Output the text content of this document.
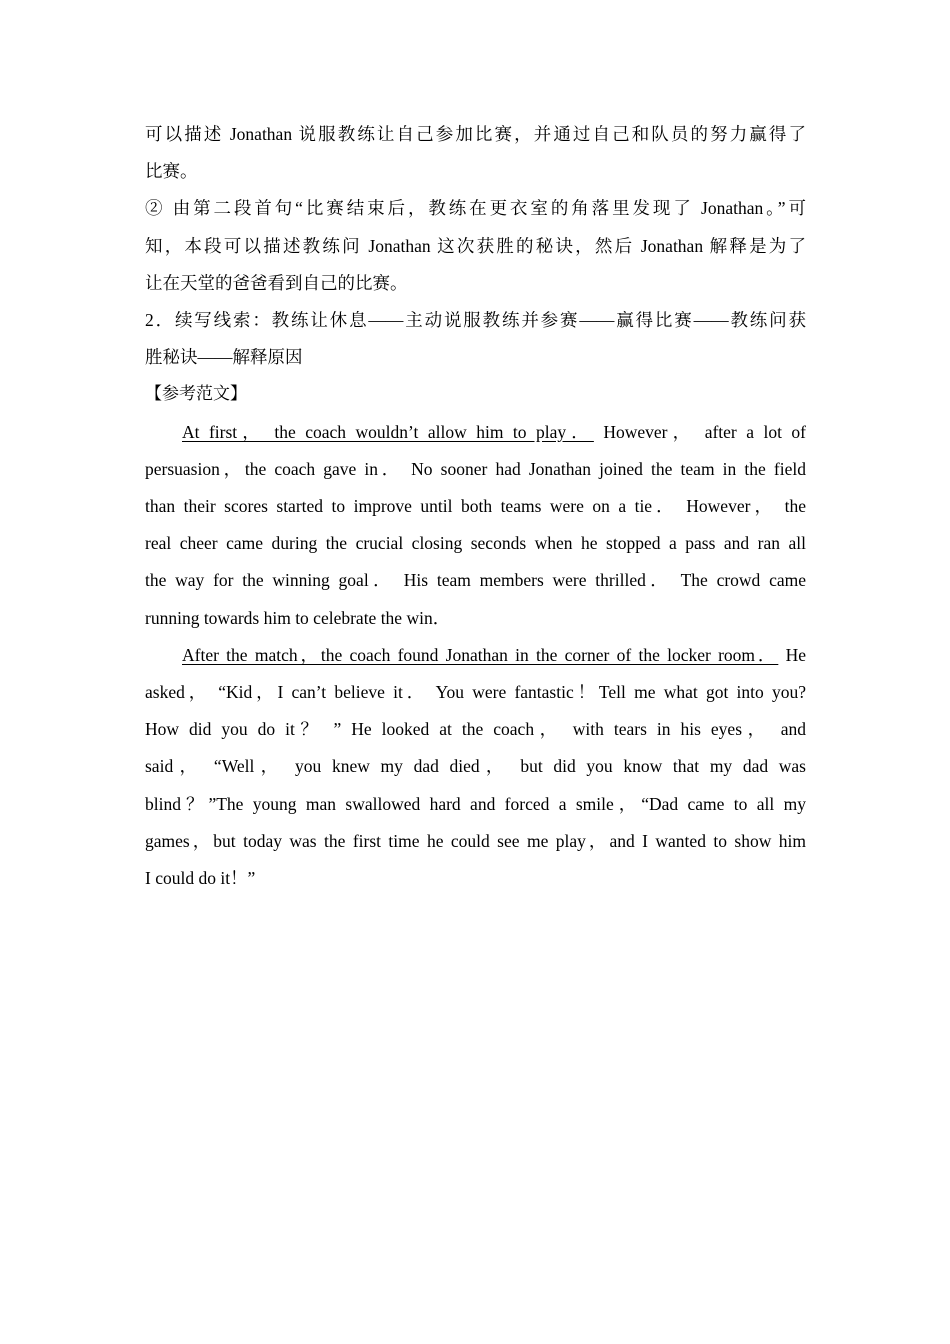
可以描述 Jonathan 说服教练让自己参加比赛，并通过自己和队员的努力赢得了
比赛。
② 由第二段首句“比赛结束后，教练在更衣室的角落里发现了 Jonathan。”可
知，本段可以描述教练问 Jonathan 这次获胜的秘诀，然后 Jonathan 解释是为了
让在天堂的爸爸看到自己的比赛。
2．续写线索：教练让休息——主动说服教练并参赛——赢得比赛——教练问获
胜秘诀——解释原因
【参考范文】
At first， the coach wouldn’t allow him to play． However， after a lot of
persuasion，the coach gave in． No sooner had Jonathan joined the team in the field
than their scores started to improve until both teams were on a tie． However， the
real cheer came during the crucial closing seconds when he stopped a pass and ran all
the way for the winning goal． His team members were thrilled． The crowd came
running towards him to celebrate the win．
After the match，the coach found Jonathan in the corner of the locker room． He
asked， “Kid，I can’t believe it． You were fantastic！Tell me what got into you?
How did you do it？ ” He looked at the coach， with tears in his eyes， and
said， “Well， you knew my dad died， but did you know that my dad was
blind？”The young man swallowed hard and forced a smile，“Dad came to all my
games，but today was the first time he could see me play，and I wanted to show him
I could do it！”
